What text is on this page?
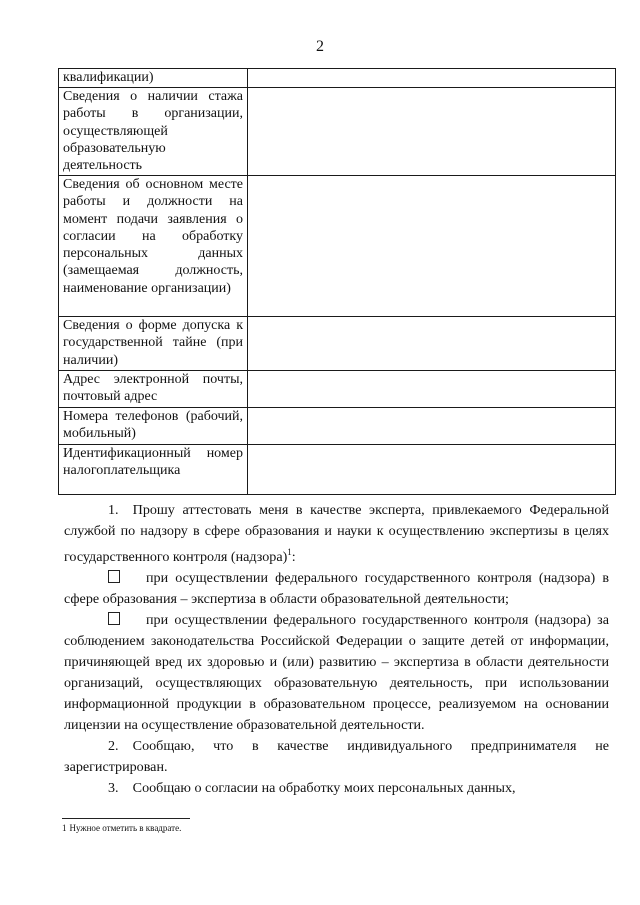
2
квалификации)	
Сведения о наличии стажа работы в организации, осуществляющей образовательную деятельность	
Сведения об основном месте работы и должности на момент подачи заявления о согласии на обработку персональных данных (замещаемая должность, наименование организации)	
Сведения о форме допуска к государственной тайне (при наличии)	
Адрес электронной почты, почтовый адрес	
Номера телефонов (рабочий, мобильный)	
Идентификационный номер налогоплательщика	

1. Прошу аттестовать меня в качестве эксперта, привлекаемого Федеральной службой по надзору в сфере образования и науки к осуществлению экспертизы в целях государственного контроля (надзора)$^1$:

при осуществлении федерального государственного контроля (надзора) в сфере образования – экспертиза в области образовательной деятельности;

при осуществлении федерального государственного контроля (надзора) за соблюдением законодательства Российской Федерации о защите детей от информации, причиняющей вред их здоровью и (или) развитию – экспертиза в области деятельности организаций, осуществляющих образовательную деятельность, при использовании информационной продукции в образовательном процессе, реализуемом на основании лицензии на осуществление образовательной деятельности.

2. Сообщаю, что в качестве индивидуального предпринимателя не зарегистрирован.

3. Сообщаю о согласии на обработку моих персональных данных,

1 Нужное отметить в квадрате.
